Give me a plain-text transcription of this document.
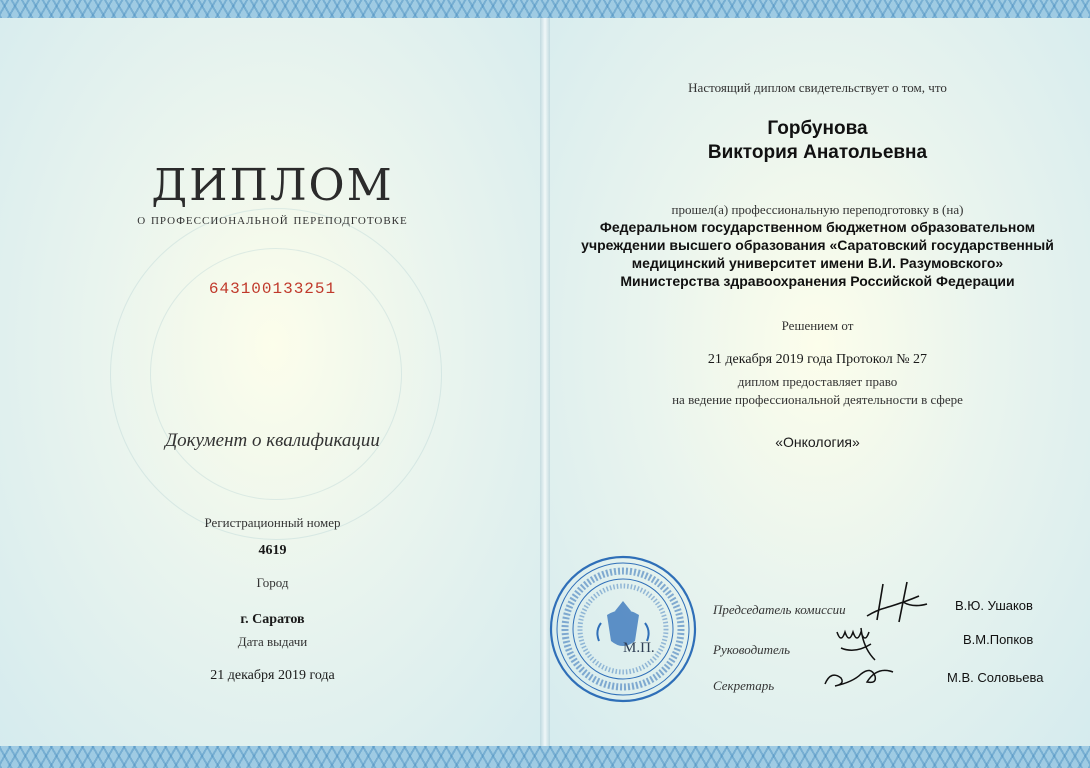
ДИПЛОМ
о профессиональной переподготовке
643100133251
Документ о квалификации
Регистрационный номер
4619
Город
г. Саратов
Дата выдачи
21 декабря 2019 года
Настоящий диплом свидетельствует о том, что
Горбунова
Виктория Анатольевна
прошел(а) профессиональную переподготовку в (на)
Федеральном государственном бюджетном образовательном
учреждении высшего образования «Саратовский государственный
медицинский университет имени В.И. Разумовского»
Министерства здравоохранения Российской Федерации
Решением от
21 декабря 2019 года Протокол № 27
диплом предоставляет право
на ведение профессиональной деятельности в сфере
«Онкология»
М.П.
Председатель комиссии	В.Ю. Ушаков
Руководитель
В.М.Попков
Секретарь
М.В. Соловьева
